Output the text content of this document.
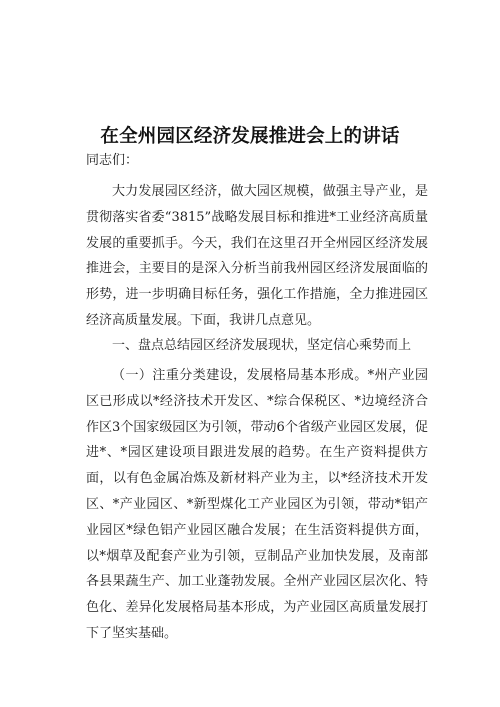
在全州园区经济发展推进会上的讲话

同志们：

大力发展园区经济，做大园区规模，做强主导产业，是贯彻落实省委“3815”战略发展目标和推进*工业经济高质量发展的重要抓手。今天，我们在这里召开全州园区经济发展推进会，主要目的是深入分析当前我州园区经济发展面临的形势，进一步明确目标任务，强化工作措施，全力推进园区经济高质量发展。下面，我讲几点意见。

一、盘点总结园区经济发展现状，坚定信心乘势而上

（一）注重分类建设，发展格局基本形成。*州产业园区已形成以*经济技术开发区、*综合保税区、*边境经济合作区3个国家级园区为引领，带动6个省级产业园区发展，促进*、*园区建设项目跟进发展的趋势。在生产资料提供方面，以有色金属冶炼及新材料产业为主，以*经济技术开发区、*产业园区、*新型煤化工产业园区为引领，带动*铝产业园区*绿色铝产业园区融合发展；在生活资料提供方面，以*烟草及配套产业为引领，豆制品产业加快发展，及南部各县果蔬生产、加工业蓬勃发展。全州产业园区层次化、特色化、差异化发展格局基本形成，为产业园区高质量发展打下了坚实基础。
